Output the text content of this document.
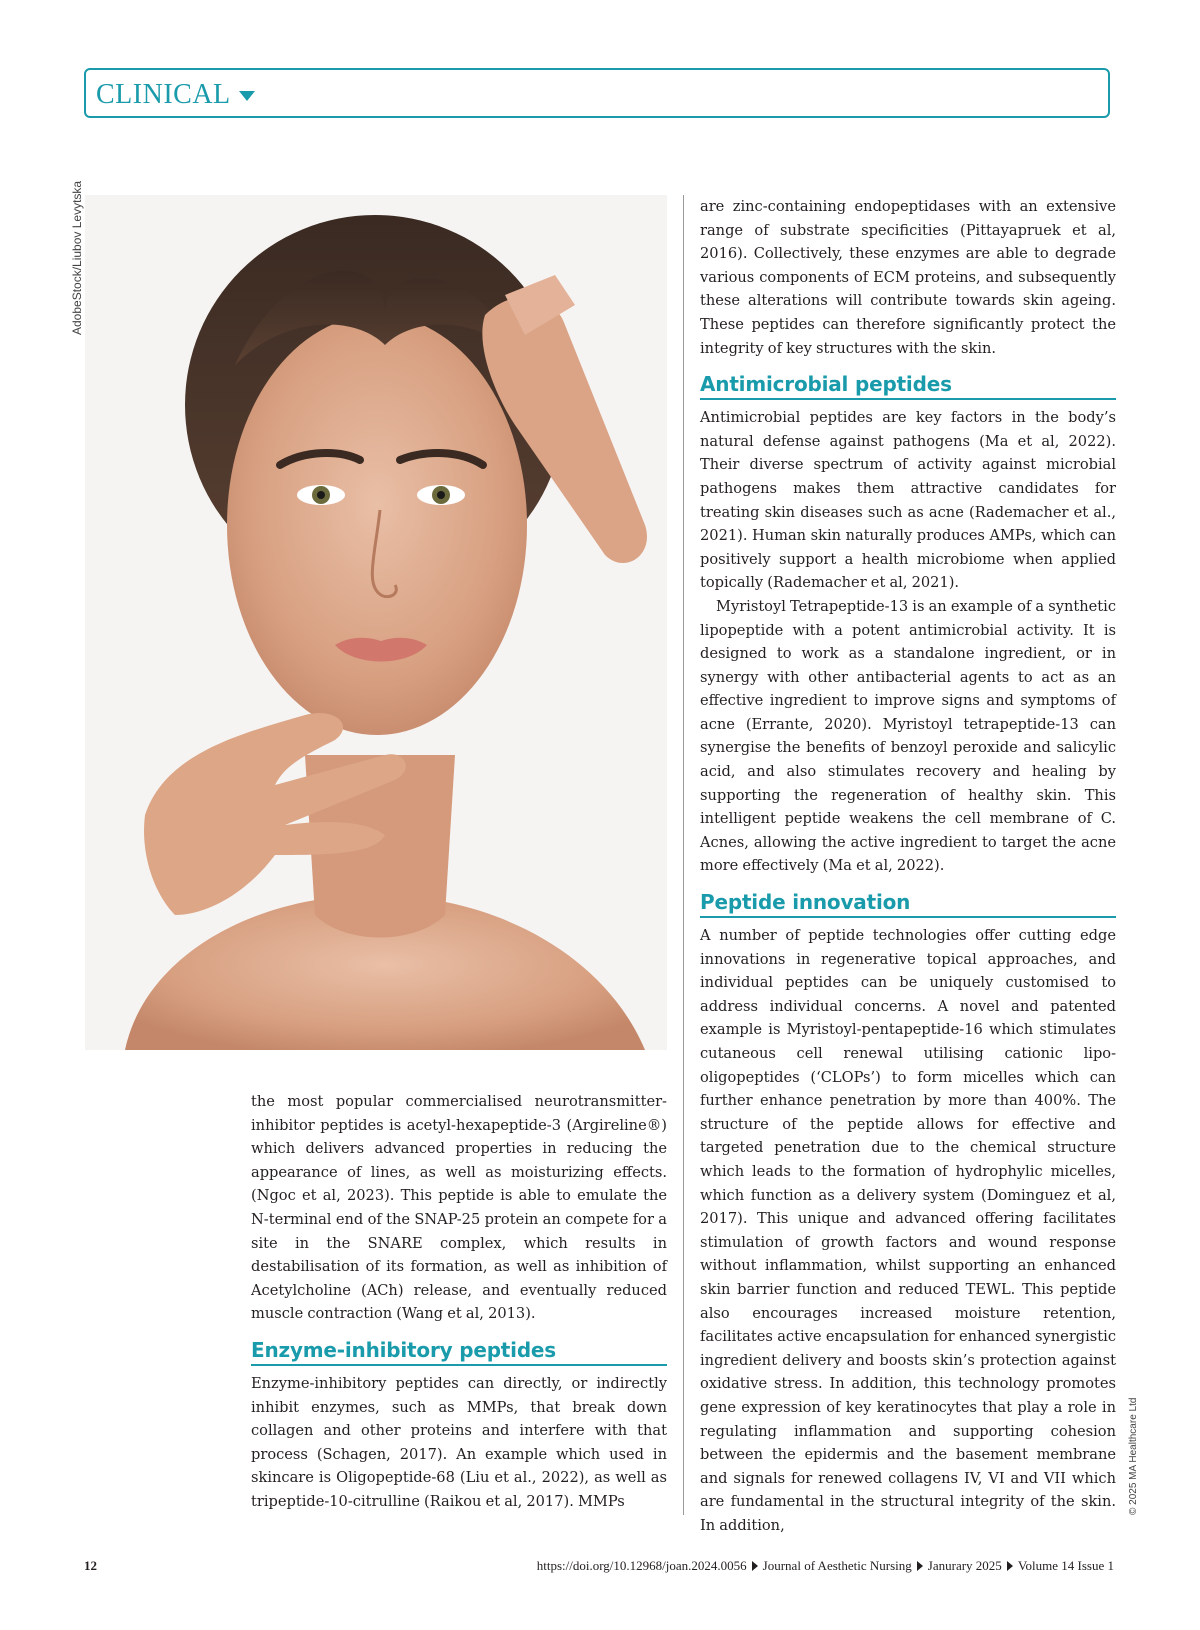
CLINICAL
AdobeStock/Liubov Levytska

the most popular commercialised neurotransmitter-inhibitor peptides is acetyl-hexapeptide-3 (Argireline®) which delivers advanced properties in reducing the appearance of lines, as well as moisturizing effects. (Ngoc et al, 2023). This peptide is able to emulate the N-terminal end of the SNAP-25 protein an compete for a site in the SNARE complex, which results in destabilisation of its formation, as well as inhibition of Acetylcholine (ACh) release, and eventually reduced muscle contraction (Wang et al, 2013).

Enzyme-inhibitory peptides

Enzyme-inhibitory peptides can directly, or indirectly inhibit enzymes, such as MMPs, that break down collagen and other proteins and interfere with that process (Schagen, 2017). An example which used in skincare is Oligopeptide-68 (Liu et al., 2022), as well as tripeptide-10-citrulline (Raikou et al, 2017). MMPs

are zinc-containing endopeptidases with an extensive range of substrate specificities (Pittayapruek et al, 2016). Collectively, these enzymes are able to degrade various components of ECM proteins, and subsequently these alterations will contribute towards skin ageing. These peptides can therefore significantly protect the integrity of key structures with the skin.

Antimicrobial peptides

Antimicrobial peptides are key factors in the body’s natural defense against pathogens (Ma et al, 2022). Their diverse spectrum of activity against microbial pathogens makes them attractive candidates for treating skin diseases such as acne (Rademacher et al., 2021). Human skin naturally produces AMPs, which can positively support a health microbiome when applied topically (Rademacher et al, 2021).

Myristoyl Tetrapeptide-13 is an example of a synthetic lipopeptide with a potent antimicrobial activity. It is designed to work as a standalone ingredient, or in synergy with other antibacterial agents to act as an effective ingredient to improve signs and symptoms of acne (Errante, 2020). Myristoyl tetrapeptide-13 can synergise the benefits of benzoyl peroxide and salicylic acid, and also stimulates recovery and healing by supporting the regeneration of healthy skin. This intelligent peptide weakens the cell membrane of C. Acnes, allowing the active ingredient to target the acne more effectively (Ma et al, 2022).

Peptide innovation

A number of peptide technologies offer cutting edge innovations in regenerative topical approaches, and individual peptides can be uniquely customised to address individual concerns. A novel and patented example is Myristoyl-pentapeptide-16 which stimulates cutaneous cell renewal utilising cationic lipo-oligopeptides (‘CLOPs’) to form micelles which can further enhance penetration by more than 400%. The structure of the peptide allows for effective and targeted penetration due to the chemical structure which leads to the formation of hydrophylic micelles, which function as a delivery system (Dominguez et al, 2017). This unique and advanced offering facilitates stimulation of growth factors and wound response without inflammation, whilst supporting an enhanced skin barrier function and reduced TEWL. This peptide also encourages increased moisture retention, facilitates active encapsulation for enhanced synergistic ingredient delivery and boosts skin’s protection against oxidative stress. In addition, this technology promotes gene expression of key keratinocytes that play a role in regulating inflammation and supporting cohesion between the epidermis and the basement membrane and signals for renewed collagens IV, VI and VII which are fundamental in the structural integrity of the skin. In addition,

© 2025 MA Healthcare Ltd
12	https://doi.org/10.12968/joan.2024.0056 Journal of Aesthetic Nursing Janurary 2025 Volume 14 Issue 1
